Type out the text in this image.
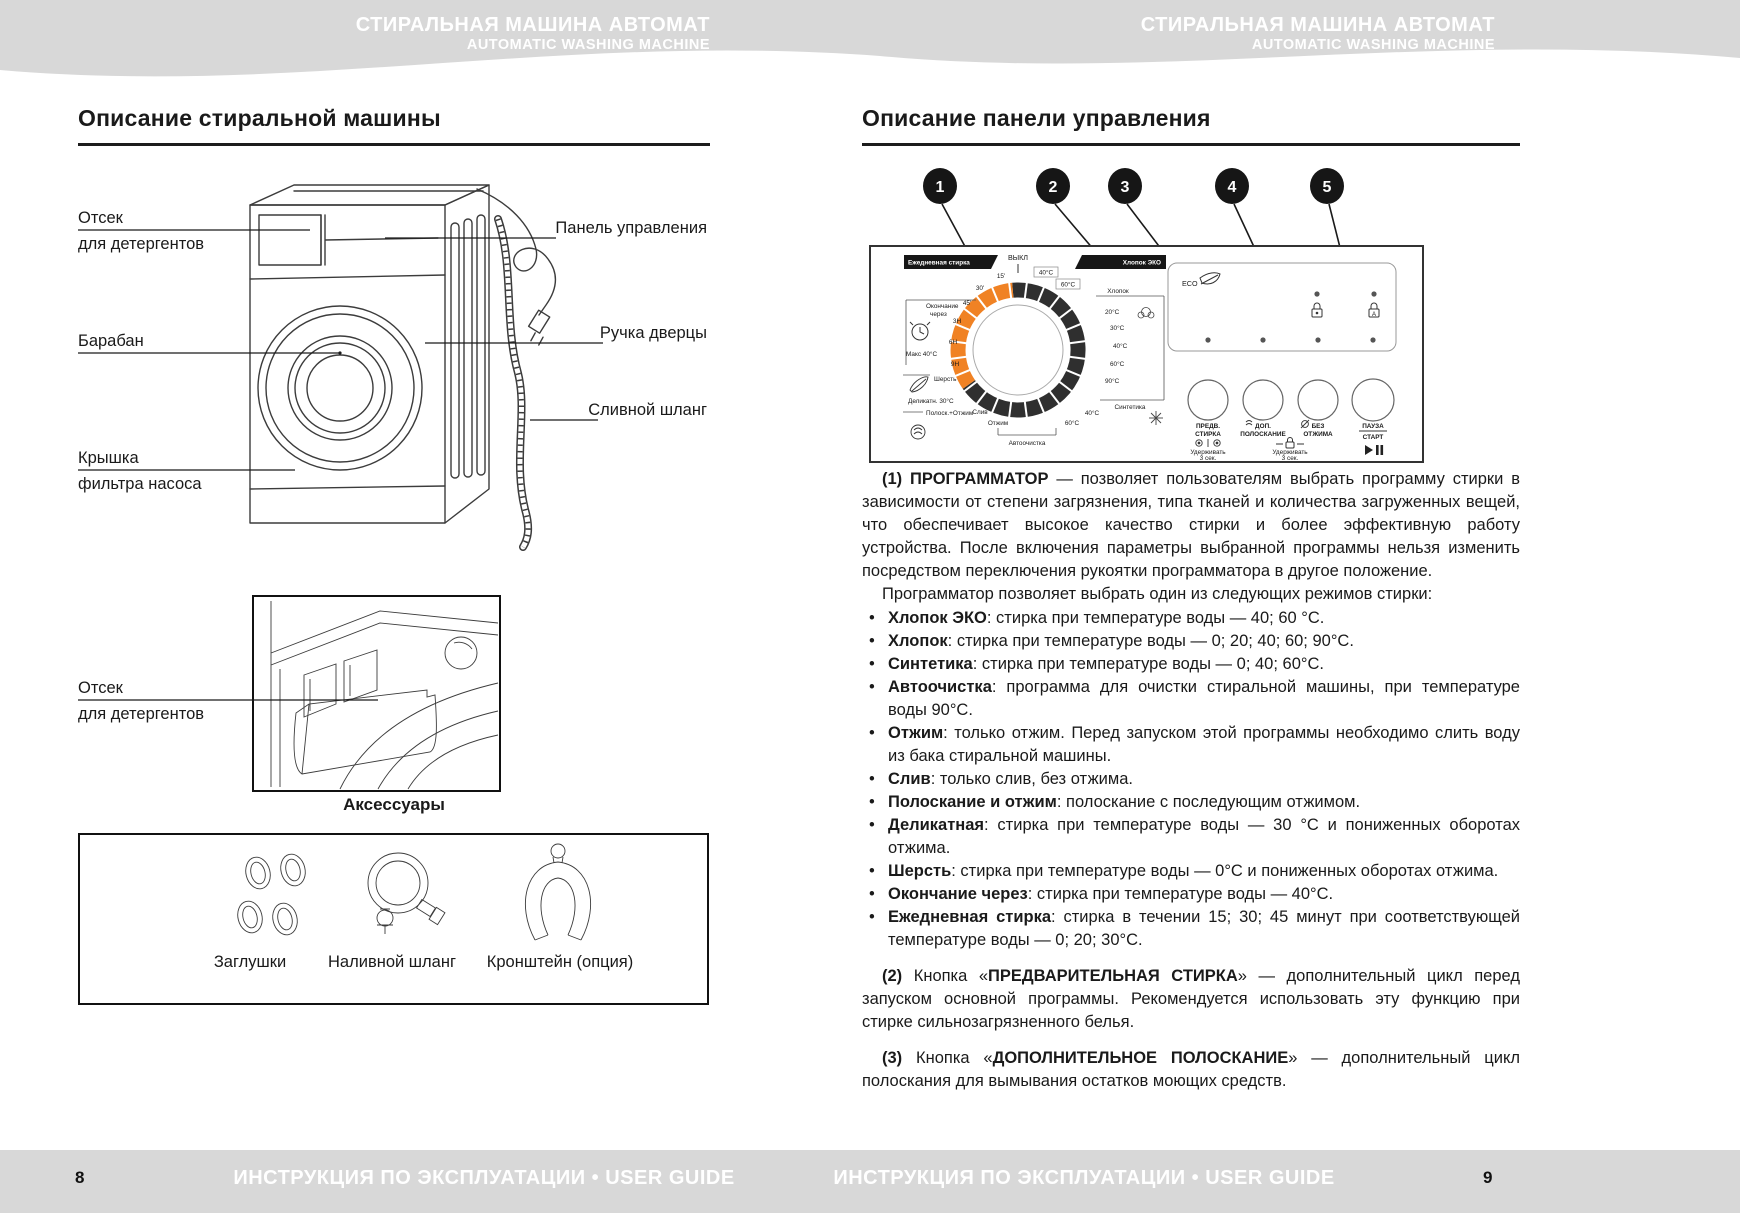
СТИРАЛЬНАЯ МАШИНА АВТОМАТ
AUTOMATIC WASHING MACHINE
СТИРАЛЬНАЯ МАШИНА АВТОМАТ
AUTOMATIC WASHING MACHINE
Описание стиральной машины
Отсек
для детергентов
Панель управления
Барабан	Ручка дверцы
Сливной шланг
Крышка
фильтра насоса
Отсек
для детергентов
Аксессуары
Заглушки	Наливной шланг Кронштейн (опция)
Описание панели управления
1	2	3	4	5
ВЫКЛ
Ежедневная стирка	Хлопок ЭКО
40°C
60°C
15'
30'
45'
3H
6H
9H
Хлопок
20°C
30°C
40°C
60°C
90°C
Синтетика
40°C
60°C
Слив
Отжим
Автоочистка
Окончание
через
Макс 40°C
Шерсть
Деликатн. 30°C
Полоск.+Отжим
ECO
A
ПРЕДВ.
СТИРКА
Удерживать
3 сек.
ДОП.
ПОЛОСКАНИЕ
БЕЗ
ОТЖИМА
Удерживать
3 сек.
ПАУЗА
СТАРТ

(1) ПРОГРАММАТОР — позволяет пользователям выбрать программу стирки в зависимости от степени загрязнения, типа тканей и количества загруженных вещей, что обеспечивает высокое качество стирки и более эффективную работу устройства. После включения параметры выбранной программы нельзя изменить посредством переключения рукоятки программатора в другое положение.

Программатор позволяет выбрать один из следующих режимов стирки:

• Хлопок ЭКО: стирка при температуре воды — 40; 60 °C.
• Хлопок: стирка при температуре воды — 0; 20; 40; 60; 90°C.
• Синтетика: стирка при температуре воды — 0; 40; 60°C.
• Автоочистка: программа для очистки стиральной машины, при температуре воды 90°C.
• Отжим: только отжим. Перед запуском этой программы необходимо слить воду из бака стиральной машины.
• Слив: только слив, без отжима.
• Полоскание и отжим: полоскание с последующим отжимом.
• Деликатная: стирка при температуре воды — 30 °C и пониженных оборотах отжима.
• Шерсть: стирка при температуре воды — 0°C и пониженных оборотах отжима.
• Окончание через: стирка при температуре воды — 40°C.
• Ежедневная стирка: стирка в течении 15; 30; 45 минут при соответствующей температуре воды — 0; 20; 30°C.

(2) Кнопка «ПРЕДВАРИТЕЛЬНАЯ СТИРКА» — дополнительный цикл перед запуском основной программы. Рекомендуется использовать эту функцию при стирке сильнозагрязненного белья.

(3) Кнопка «ДОПОЛНИТЕЛЬНОЕ ПОЛОСКАНИЕ» — дополнительный цикл полоскания для вымывания остатков моющих средств.

8	ИНСТРУКЦИЯ ПО ЭКСПЛУАТАЦИИ • USER GUIDE	ИНСТРУКЦИЯ ПО ЭКСПЛУАТАЦИИ • USER GUIDE	9
